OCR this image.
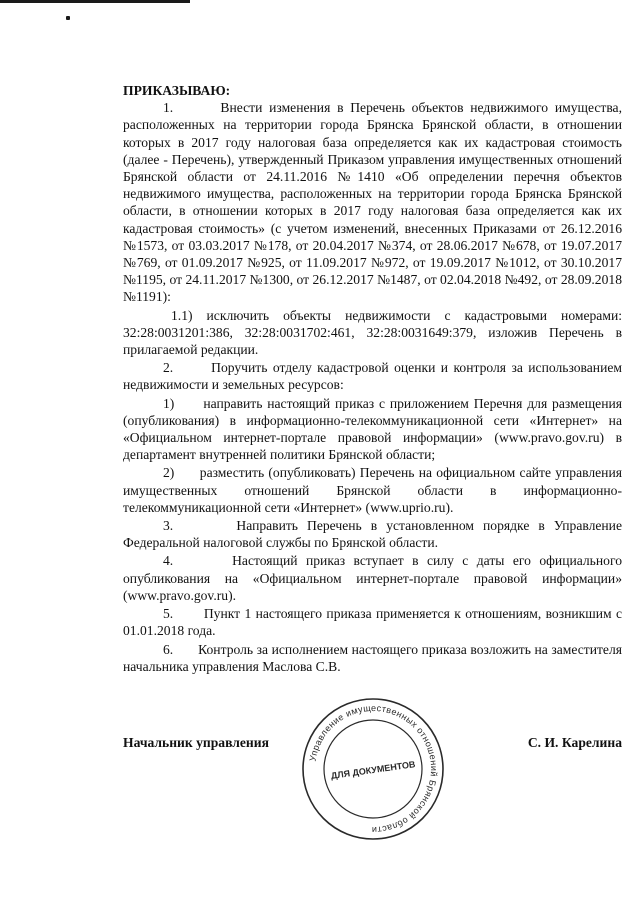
ПРИКАЗЫВАЮ:

1.       Внести изменения в Перечень объектов недвижимого имущества, расположенных на территории города Брянска Брянской области, в отношении которых в 2017 году налоговая база определяется как их кадастровая стоимость (далее - Перечень), утвержденный Приказом управления имущественных отношений Брянской области от 24.11.2016 №1410 «Об определении перечня объектов недвижимого имущества, расположенных на территории города Брянска Брянской области, в отношении которых в 2017 году налоговая база определяется как их кадастровая стоимость» (с учетом изменений, внесенных Приказами от 26.12.2016 №1573, от 03.03.2017 №178, от 20.04.2017 №374, от 28.06.2017 №678, от 19.07.2017 №769, от 01.09.2017 №925, от 11.09.2017 №972, от 19.09.2017 №1012, от 30.10.2017 №1195, от 24.11.2017 №1300, от 26.12.2017 №1487, от 02.04.2018 №492, от 28.09.2018 №1191):

1.1) исключить объекты недвижимости с кадастровыми номерами: 32:28:0031201:386, 32:28:0031702:461, 32:28:0031649:379, изложив Перечень в прилагаемой редакции.

2.       Поручить отделу кадастровой оценки и контроля за использованием недвижимости и земельных ресурсов:

1)      направить настоящий приказ с приложением Перечня для размещения (опубликования) в информационно-телекоммуникационной сети «Интернет» на «Официальном интернет-портале правовой информации» (www.pravo.gov.ru) в департамент внутренней политики Брянской области;

2)      разместить (опубликовать) Перечень на официальном сайте управления имущественных отношений Брянской области в информационно-телекоммуникационной сети «Интернет» (www.uprio.ru).

3.       Направить Перечень в установленном порядке в Управление Федеральной налоговой службы по Брянской области.

4.       Настоящий приказ вступает в силу с даты его официального опубликования на «Официальном интернет-портале правовой информации» (www.pravo.gov.ru).

5.       Пункт 1 настоящего приказа применяется к отношениям, возникшим с 01.01.2018 года.

6.       Контроль за исполнением настоящего приказа возложить на заместителя начальника управления Маслова С.В.

Начальник управления	С. И. Карелина
Управление имущественных отношений Брянской области
ДЛЯ ДОКУМЕНТОВ
